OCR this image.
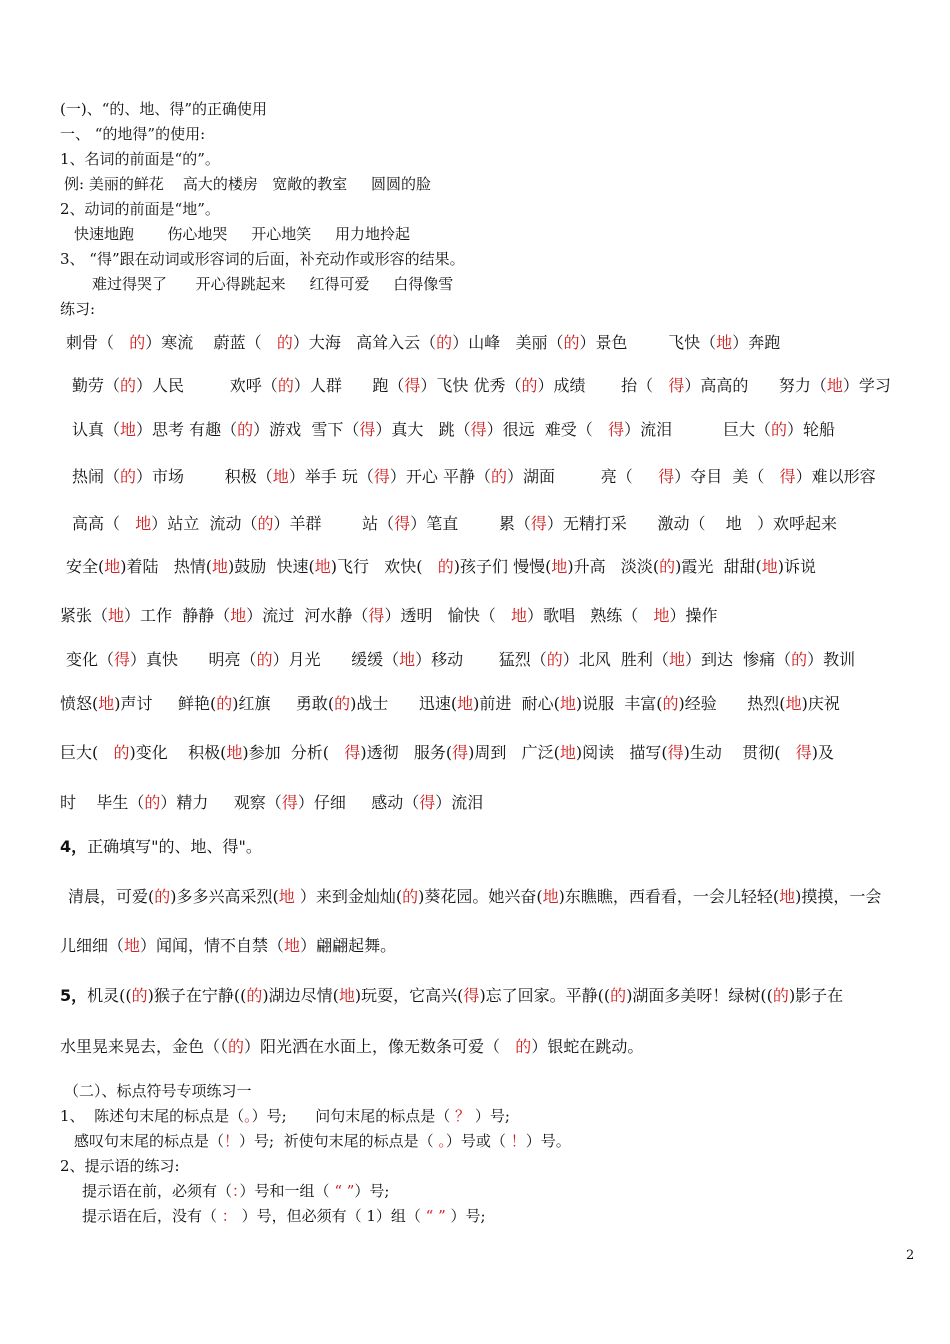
(一)、“的、地、得”的正确使用
一、 “的地得”的使用:
1、名词的前面是“的”。
例: 美丽的鲜花    高大的楼房   宽敞的教室     圆圆的脸
2、动词的前面是“地”。
快速地跑       伤心地哭     开心地笑     用力地拎起
3、 “得”跟在动词或形容词的后面，补充动作或形容的结果。
难过得哭了      开心得跳起来     红得可爱     白得像雪
练习:
刺骨（   的）寒流    蔚蓝（   的）大海   高耸入云（的）山峰   美丽（的）景色        飞快（地）奔跑
勤劳（的）人民         欢呼（的）人群      跑（得）飞快 优秀（的）成绩       抬（   得）高高的      努力（地）学习
认真（地）思考 有趣（的）游戏  雪下（得）真大   跳（得）很远  难受（   得）流泪          巨大（的）轮船
热闹（的）市场        积极（地）举手 玩（得）开心 平静（的）湖面         亮（     得）夺目  美（   得）难以形容
高高（   地）站立  流动（的）羊群        站（得）笔直        累（得）无精打采      激动（    地   ）欢呼起来
安全(地)着陆   热情(地)鼓励  快速(地)飞行   欢快(   的)孩子们 慢慢(地)升高   淡淡(的)霞光  甜甜(地)诉说
紧张（地）工作  静静（地）流过  河水静（得）透明   愉快（   地）歌唱   熟练（   地）操作
变化（得）真快      明亮（的）月光      缓缓（地）移动       猛烈（的）北风  胜利（地）到达  惨痛（的）教训
愤怒(地)声讨     鲜艳(的)红旗     勇敢(的)战士      迅速(地)前进  耐心(地)说服  丰富(的)经验      热烈(地)庆祝
巨大(   的)变化    积极(地)参加  分析(   得)透彻   服务(得)周到   广泛(地)阅读   描写(得)生动    贯彻(   得)及
时    毕生（的）精力     观察（得）仔细     感动（得）流泪
4，正确填写"的、地、得"。
清晨，可爱(的)多多兴高采烈(地 ）来到金灿灿(的)葵花园。她兴奋(地)东瞧瞧，西看看，一会儿轻轻(地)摸摸，一会
儿细细（地）闻闻，情不自禁（地）翩翩起舞。
5，机灵((的)猴子在宁静((的)湖边尽情(地)玩耍，它高兴(得)忘了回家。平静((的)湖面多美呀！绿树((的)影子在
水里晃来晃去，金色（（的）阳光洒在水面上，像无数条可爱（   的）银蛇在跳动。
（二）、标点符号专项练习一
1、  陈述句末尾的标点是（。）号;      问句末尾的标点是（ ？ ）号;
感叹句末尾的标点是（！）号;  祈使句末尾的标点是（ 。）号或（ ！）号。
2、提示语的练习:
提示语在前，必须有（：）号和一组（ “ ”）号;
提示语在后，没有（ ： ）号，但必须有（ 1）组（ “ ” ）号;
2
